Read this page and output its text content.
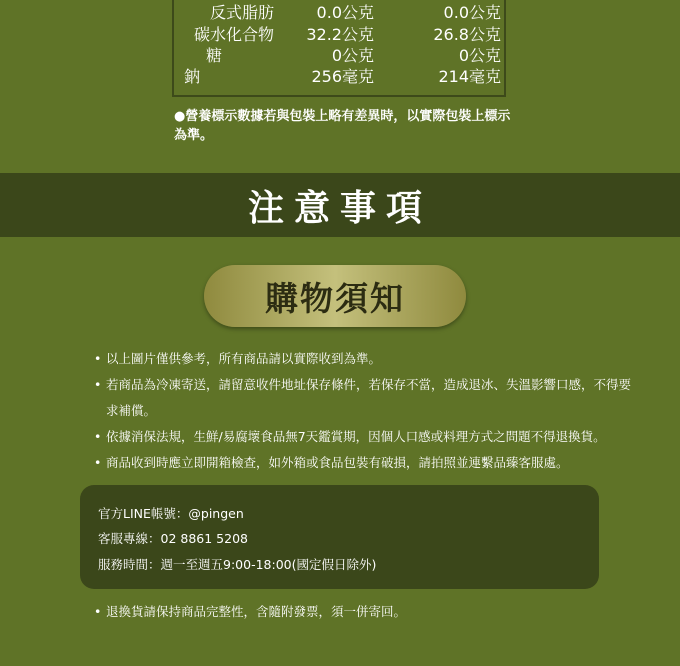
反式脂肪	0.0公克	0.0公克
碳水化合物	32.2公克	26.8公克
糖	0公克	0公克
鈉	256毫克	214毫克
●營養標示數據若與包裝上略有差異時，以實際包裝上標示為準。
注意事項
購物須知
• 以上圖片僅供參考，所有商品請以實際收到為準。
• 若商品為冷凍寄送，請留意收件地址保存條件，若保存不當，造成退冰、失溫影響口感，不得要求補償。
• 依據消保法規，生鮮/易腐壞食品無7天鑑賞期，因個人口感或料理方式之問題不得退換貨。
• 商品收到時應立即開箱檢查，如外箱或食品包裝有破損，請拍照並連繫品臻客服處。
官方LINE帳號：@pingen
客服專線：02 8861 5208
服務時間：週一至週五9:00-18:00(國定假日除外)
• 退換貨請保持商品完整性，含隨附發票，須一併寄回。
